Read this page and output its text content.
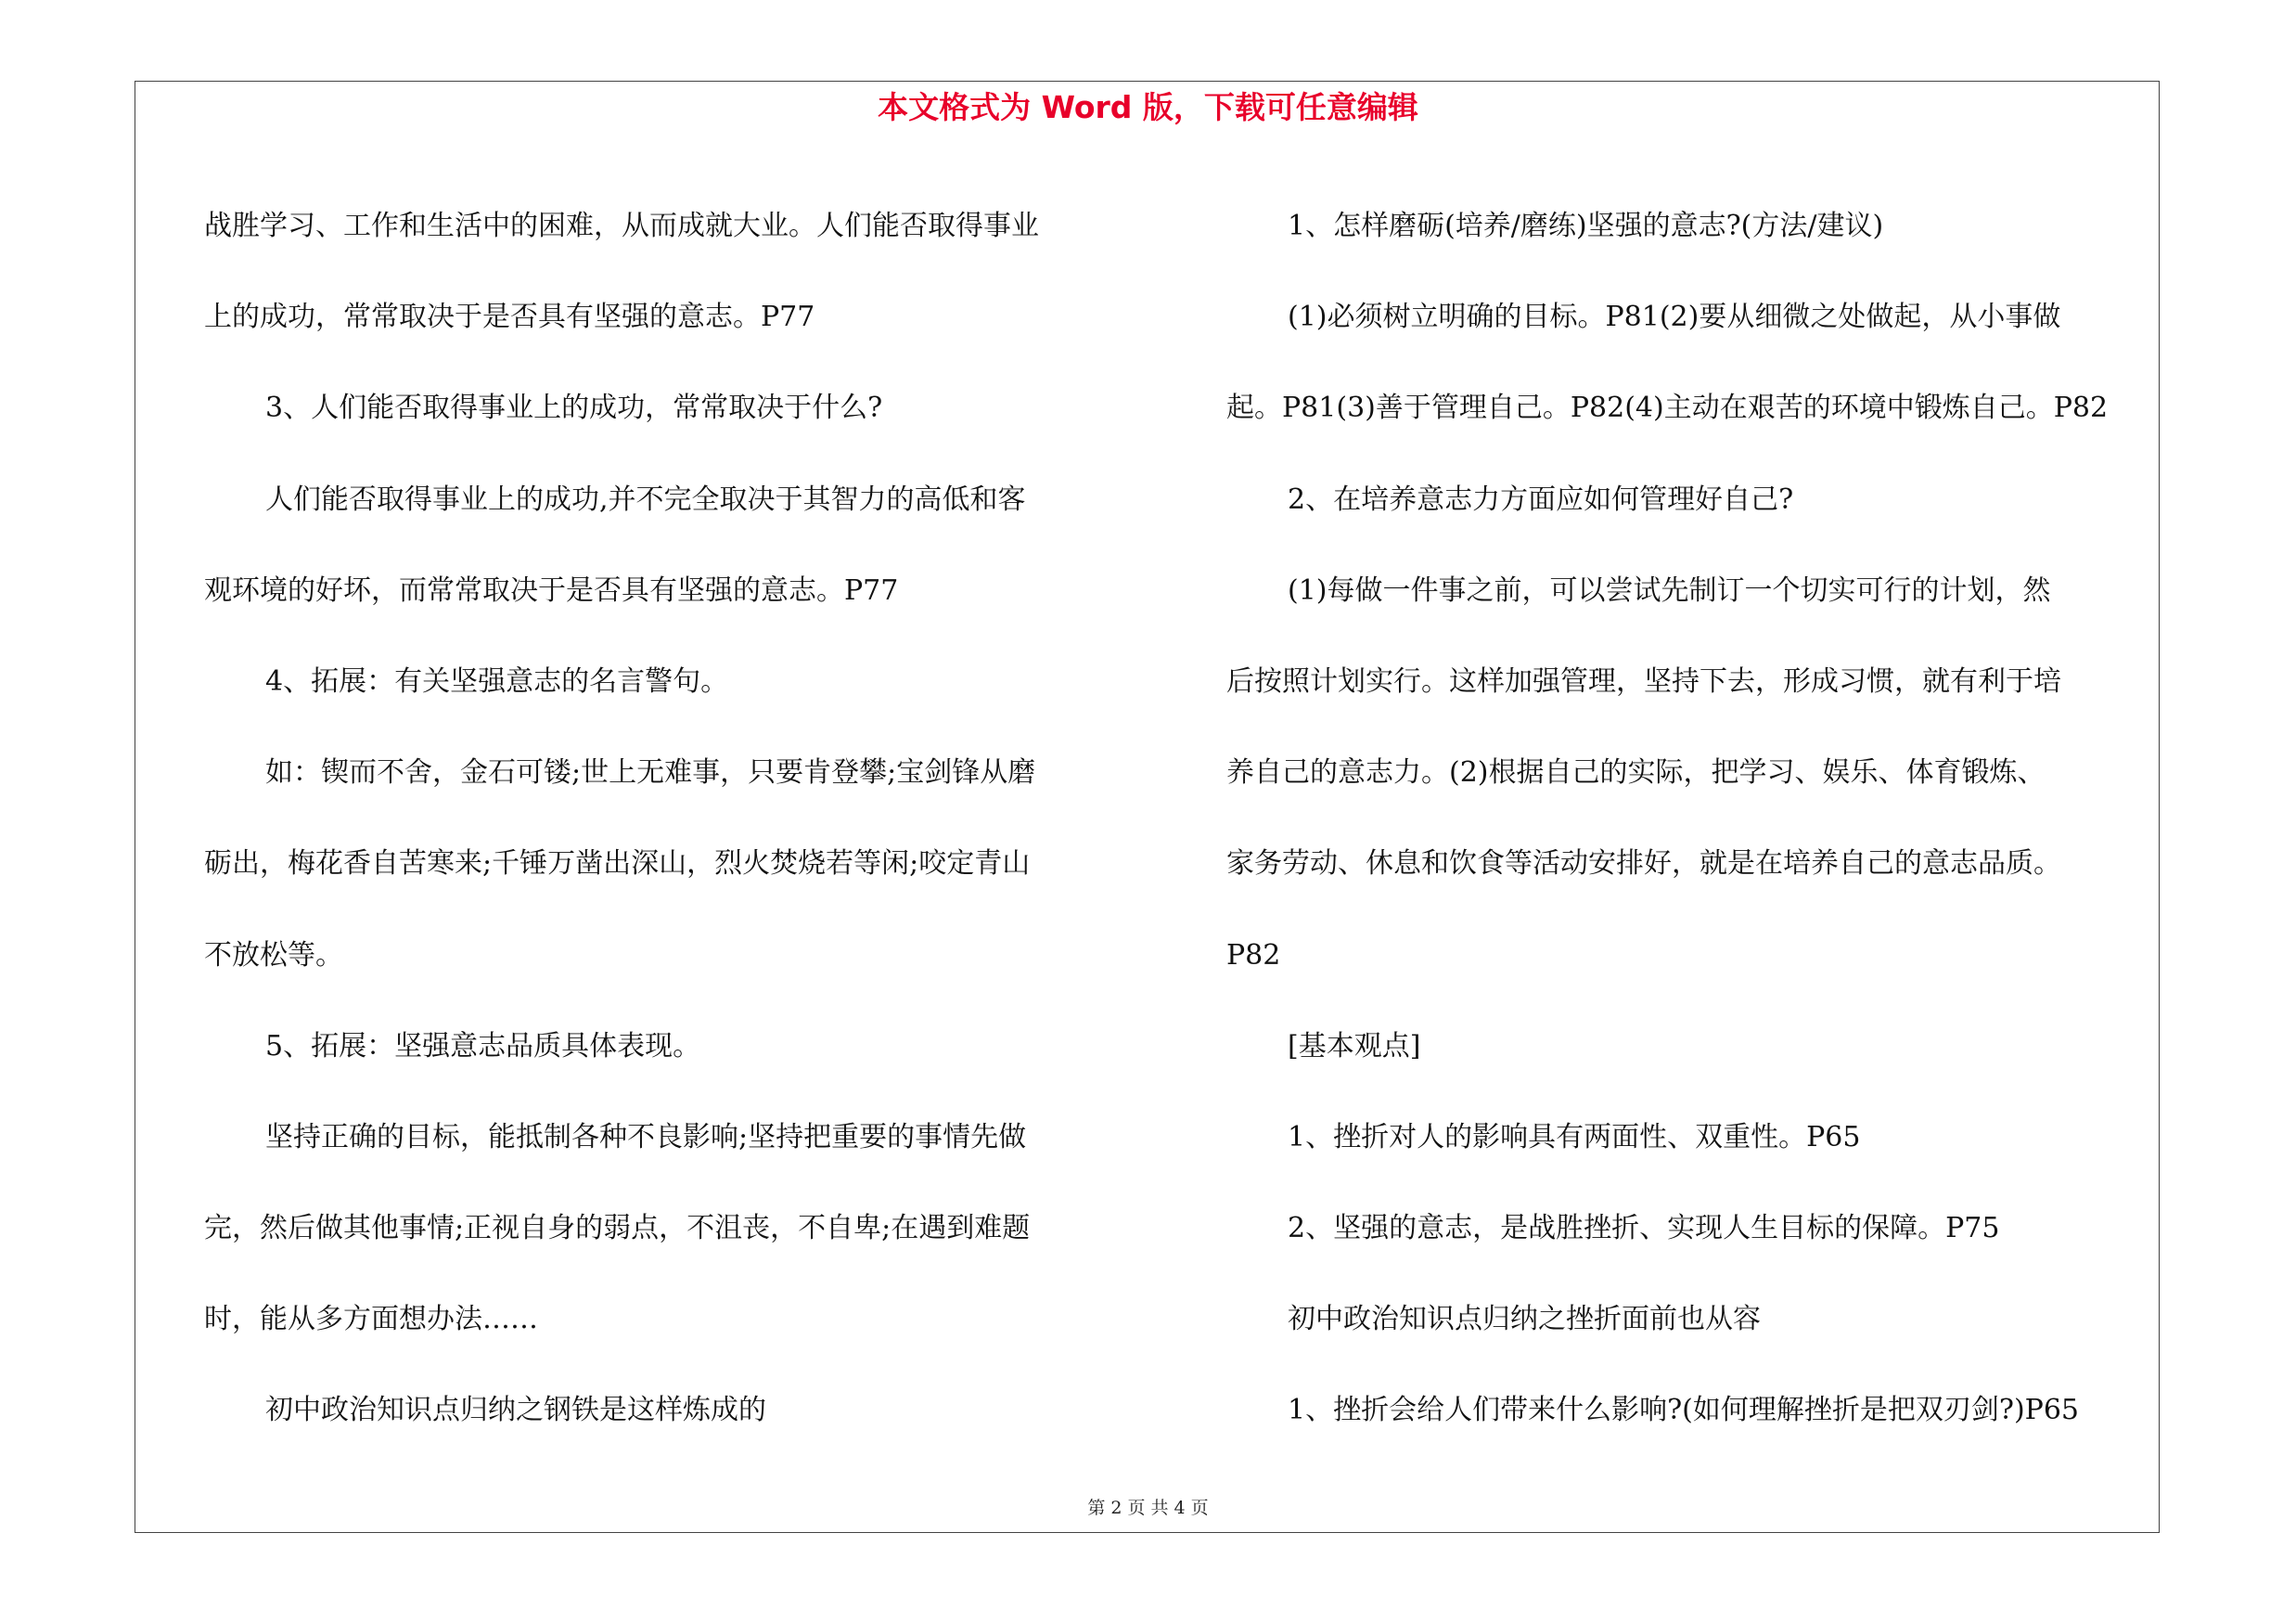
本文格式为 Word 版，下载可任意编辑

战胜学习、工作和生活中的困难，从而成就大业。人们能否取得事业

上的成功，常常取决于是否具有坚强的意志。P77

3、人们能否取得事业上的成功，常常取决于什么?

人们能否取得事业上的成功,并不完全取决于其智力的高低和客

观环境的好坏，而常常取决于是否具有坚强的意志。P77

4、拓展：有关坚强意志的名言警句。

如：锲而不舍，金石可镂;世上无难事，只要肯登攀;宝剑锋从磨

砺出，梅花香自苦寒来;千锤万凿出深山，烈火焚烧若等闲;咬定青山

不放松等。

5、拓展：坚强意志品质具体表现。

坚持正确的目标，能抵制各种不良影响;坚持把重要的事情先做

完，然后做其他事情;正视自身的弱点，不沮丧，不自卑;在遇到难题

时，能从多方面想办法……

初中政治知识点归纳之钢铁是这样炼成的

1、怎样磨砺(培养/磨练)坚强的意志?(方法/建议)

(1)必须树立明确的目标。P81(2)要从细微之处做起，从小事做

起。P81(3)善于管理自己。P82(4)主动在艰苦的环境中锻炼自己。P82

2、在培养意志力方面应如何管理好自己?

(1)每做一件事之前，可以尝试先制订一个切实可行的计划，然

后按照计划实行。这样加强管理，坚持下去，形成习惯，就有利于培

养自己的意志力。(2)根据自己的实际，把学习、娱乐、体育锻炼、

家务劳动、休息和饮食等活动安排好，就是在培养自己的意志品质。

P82

[基本观点]

1、挫折对人的影响具有两面性、双重性。P65

2、坚强的意志，是战胜挫折、实现人生目标的保障。P75

初中政治知识点归纳之挫折面前也从容

1、挫折会给人们带来什么影响?(如何理解挫折是把双刃剑?)P65

第 2 页 共 4 页
